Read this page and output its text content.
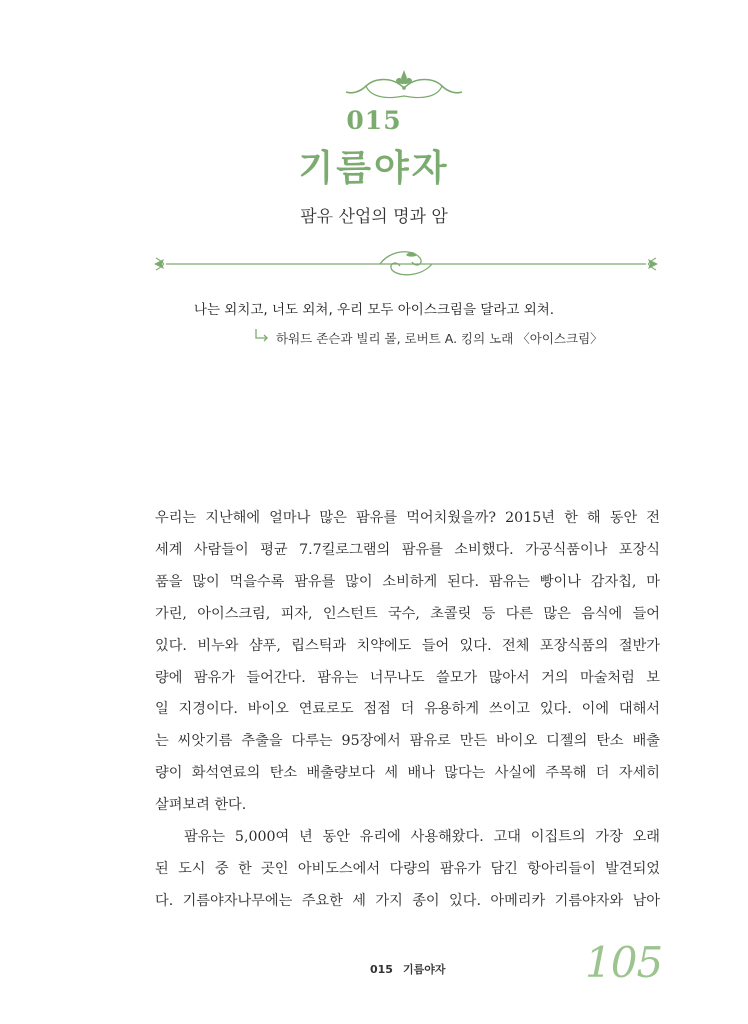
015
기름야자
팜유 산업의 명과 암
나는 외치고, 너도 외쳐, 우리 모두 아이스크림을 달라고 외쳐.
하워드 존슨과 빌리 몰, 로버트 A. 킹의 노래 〈아이스크림〉
우리는 지난해에 얼마나 많은 팜유를 먹어치웠을까? 2015년 한 해 동안 전
세계 사람들이 평균 7.7킬로그램의 팜유를 소비했다. 가공식품이나 포장식
품을 많이 먹을수록 팜유를 많이 소비하게 된다. 팜유는 빵이나 감자칩, 마
가린, 아이스크림, 피자, 인스턴트 국수, 초콜릿 등 다른 많은 음식에 들어
있다. 비누와 샴푸, 립스틱과 치약에도 들어 있다. 전체 포장식품의 절반가
량에 팜유가 들어간다. 팜유는 너무나도 쓸모가 많아서 거의 마술처럼 보
일 지경이다. 바이오 연료로도 점점 더 유용하게 쓰이고 있다. 이에 대해서
는 씨앗기름 추출을 다루는 95장에서 팜유로 만든 바이오 디젤의 탄소 배출
량이 화석연료의 탄소 배출량보다 세 배나 많다는 사실에 주목해 더 자세히
살펴보려 한다.
팜유는 5,000여 년 동안 유리에 사용해왔다. 고대 이집트의 가장 오래
된 도시 중 한 곳인 아비도스에서 다량의 팜유가 담긴 항아리들이 발견되었
다. 기름야자나무에는 주요한 세 가지 종이 있다. 아메리카 기름야자와 남아
015 기름야자	105
